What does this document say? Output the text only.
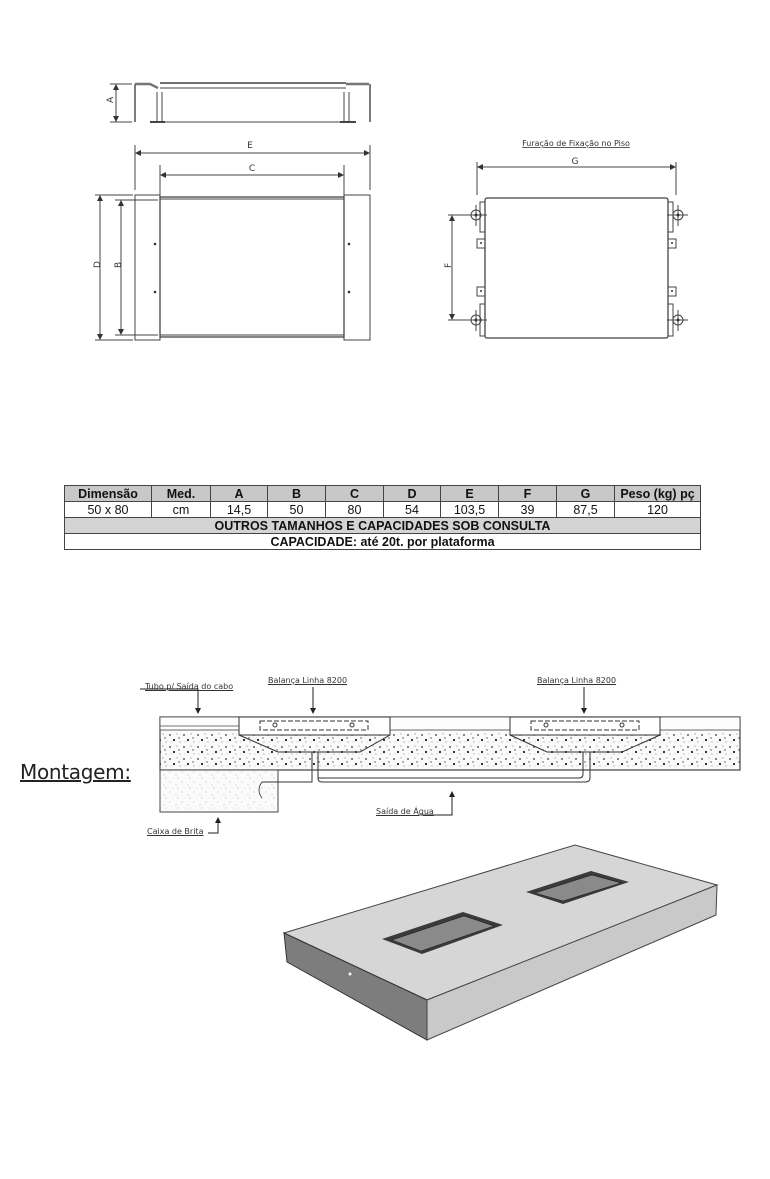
A
E
C
D B
Furação de Fixação no Piso
G
F
Dimensão	Med.	A	B	C	D	E	F	G	Peso (kg) pç
50 x 80	cm	14,5	50	80	54	103,5	39	87,5	120
OUTROS TAMANHOS E CAPACIDADES SOB CONSULTA									
CAPACIDADE: até 20t. por plataforma									
Montagem:
Tubo p/ Saída do cabo
Balança Linha 8200	Balança Linha 8200
Saída de Água
Caixa de Brita
